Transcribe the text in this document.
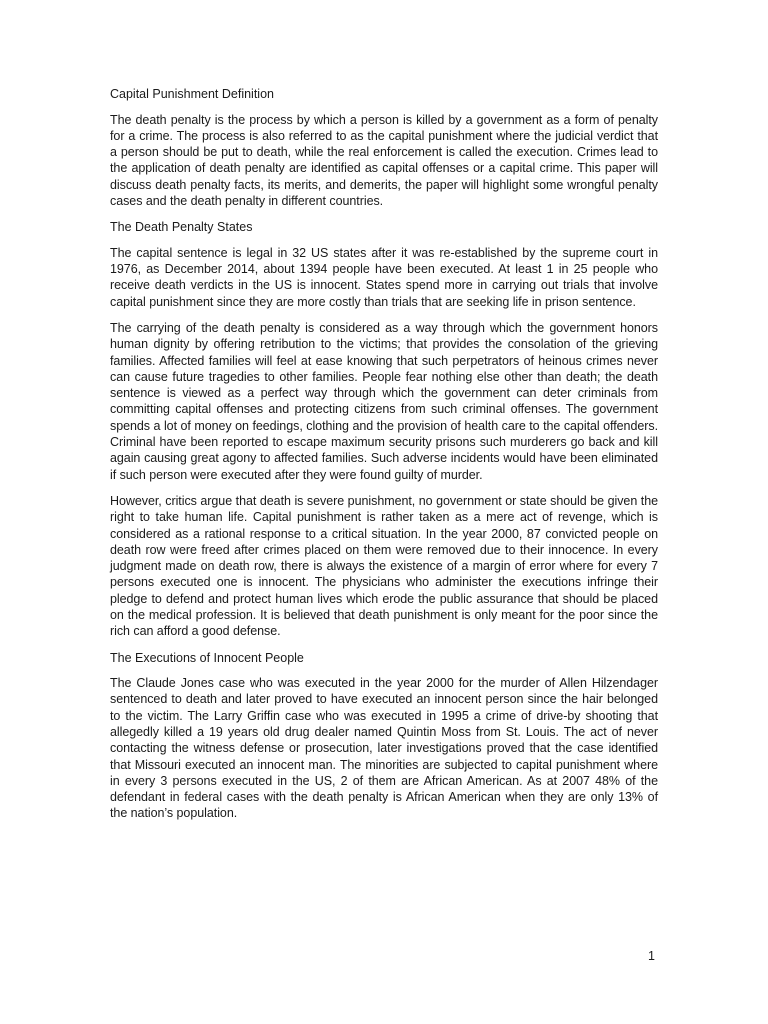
Capital Punishment Definition

The death penalty is the process by which a person is killed by a government as a form of penalty for a crime. The process is also referred to as the capital punishment where the judicial verdict that a person should be put to death, while the real enforcement is called the execution. Crimes lead to the application of death penalty are identified as capital offenses or a capital crime. This paper will discuss death penalty facts, its merits, and demerits, the paper will highlight some wrongful penalty cases and the death penalty in different countries.

The Death Penalty States

The capital sentence is legal in 32 US states after it was re-established by the supreme court in 1976, as December 2014, about 1394 people have been executed. At least 1 in 25 people who receive death verdicts in the US is innocent. States spend more in carrying out trials that involve capital punishment since they are more costly than trials that are seeking life in prison sentence.

The carrying of the death penalty is considered as a way through which the government honors human dignity by offering retribution to the victims; that provides the consolation of the grieving families. Affected families will feel at ease knowing that such perpetrators of heinous crimes never can cause future tragedies to other families. People fear nothing else other than death; the death sentence is viewed as a perfect way through which the government can deter criminals from committing capital offenses and protecting citizens from such criminal offenses. The government spends a lot of money on feedings, clothing and the provision of health care to the capital offenders. Criminal have been reported to escape maximum security prisons such murderers go back and kill again causing great agony to affected families. Such adverse incidents would have been eliminated if such person were executed after they were found guilty of murder.

However, critics argue that death is severe punishment, no government or state should be given the right to take human life. Capital punishment is rather taken as a mere act of revenge, which is considered as a rational response to a critical situation. In the year 2000, 87 convicted people on death row were freed after crimes placed on them were removed due to their innocence. In every judgment made on death row, there is always the existence of a margin of error where for every 7 persons executed one is innocent. The physicians who administer the executions infringe their pledge to defend and protect human lives which erode the public assurance that should be placed on the medical profession. It is believed that death punishment is only meant for the poor since the rich can afford a good defense.

The Executions of Innocent People

The Claude Jones case who was executed in the year 2000 for the murder of Allen Hilzendager sentenced to death and later proved to have executed an innocent person since the hair belonged to the victim. The Larry Griffin case who was executed in 1995 a crime of drive-by shooting that allegedly killed a 19 years old drug dealer named Quintin Moss from St. Louis. The act of never contacting the witness defense or prosecution, later investigations proved that the case identified that Missouri executed an innocent man. The minorities are subjected to capital punishment where in every 3 persons executed in the US, 2 of them are African American. As at 2007 48% of the defendant in federal cases with the death penalty is African American when they are only 13% of the nation’s population.

1
